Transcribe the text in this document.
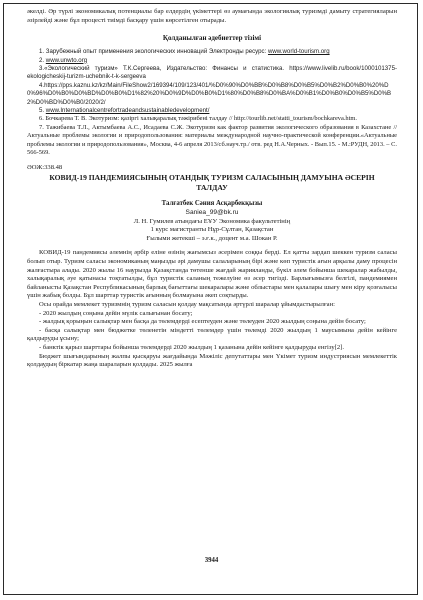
әкелді. Әр түрлі экономикалық потенциалы бар елдердің үкіметтері өз аумағында экологиялық туризмді дамыту стратегияларын әзірлейді және бұл процесті тиімді басқару үшін көрсетілген отырады.

Қолданылған әдебиеттер тізімі

1. Зарубежный опыт применения экологических инноваций Электронды ресурс: www.world-tourism.org

2. www.unwto.org

3.«Экологический туризм» Т.К.Сергеева, Издательство: Финансы и статистика. https://www.livelib.ru/book/1000101375-ekologicheskij-turizm-uchebnik-t-k-sergeeva

4.https://pps.kaznu.kz/kz/Main/FileShow2/169394/109/123/401/%D0%90%D0%BB%D0%B8%D0%B5%D0%B2%D0%B0%20%D0%96%D0%B0%D0%BD%D0%B0%D1%82%20%D0%9D%D0%B0%D1%80%D0%B8%D0%BA%D0%B1%D0%B0%D0%B5%D0%B2%D0%BD%D0%B0/2020/2/

5. www.Internationalcentrefortradeandsustainabledevelopment/

6. Бочкарева Т. В. Экотуризм: қазіргі халықаралық тәжірибені талдау // http://tourlib.net/statti_tourism/bochkareva.htm.

7. Тажибаева Т.Л., Актымбаева А.С., Исадаева С.Ж. Экотуризм как фактор развития экологического образования в Казахстане // Актуальные проблемы экологии и природопользования: материалы международной научно-практической конференции.«Актуальные проблемы экологии и природопользования», Москва, 4-6 апреля 2013/сб.науч.тр./ отв. ред Н.А.Черных. - Вып.15. - М.:РУДН, 2013. – С. 566-569.

ӘОЖ:338.48
КОВИД-19 ПАНДЕМИЯСЫНЫҢ ОТАНДЫҚ ТУРИЗМ САЛАСЫНЫҢ ДАМУЫНА ӘСЕРІН ТАЛДАУ

Талғатбек Сәния Асқарбекқызы

Saniea_99@bk.ru

Л. Н. Гумилев атындағы ЕҰУ Экономика факультетінің

1 курс магистранты Нұр-Сұлтан, Қазақстан

Ғылыми жетекші – э.ғ.к., доцент м.а. Шокан Р.

КОВИД-19 пандемиясы әлемнің әрбір еліне өзінің жағымсыз әсерімен соққы берді. Ел қатты зардап шеккен туризм саласы болып отыр. Туризм саласы экономиканың маңызды әрі дамушы салаларының бірі және көп туристік ағын арқылы даму процесін жалғастыра алады. 2020 жылы 16 наурызда Қазақстанда төтенше жағдай жарияланды, бүкіл әлем бойынша шекаралар жабылды, халықаралық әуе қатынасы тоқтатылды, бұл туристік саланың тежелуіне өз әсер тигізді. Барлығымызға белгілі, пандемиямен байланысты Қазақстан Республикасының барлық бағыттағы шекаралары және облыстары мен қалалары шығу мен кіру қозғалысы үшін жабық болды. Бұл шарттар туристік ағынның болмауына әкеп соқтырды.

Осы орайда мемлекет туризмнің туризм саласын қолдау мақсатында әртүрлі шаралар ұйымдастырылған:

- 2020 жылдың соңына дейін мүлік салығынан босату;

- жалдық қорыңын салықтар мен басқа да төлемдерді есептеуден және төлеуден 2020 жылдың соңына дейін босату;

- басқа салықтар мен бюджетке төленетін міндетті төлемдер үшін төлемді 2020 жылдың 1 маусымына дейін кейінге қалдыруды ұсыну;

- банктік қарыз шарттары бойынша төлемдерді 2020 жылдың 1 қазанына дейін кейінге қалдыруды енгізу[2].

Бюджет шығындарының жалпы қысқаруы жағдайында Мәжіліс депутаттары мен Үкімет туризм индустриясын мемлекеттік қолдаудың біркатар жаңа шараларын қолдады. 2025 жылға

3944
